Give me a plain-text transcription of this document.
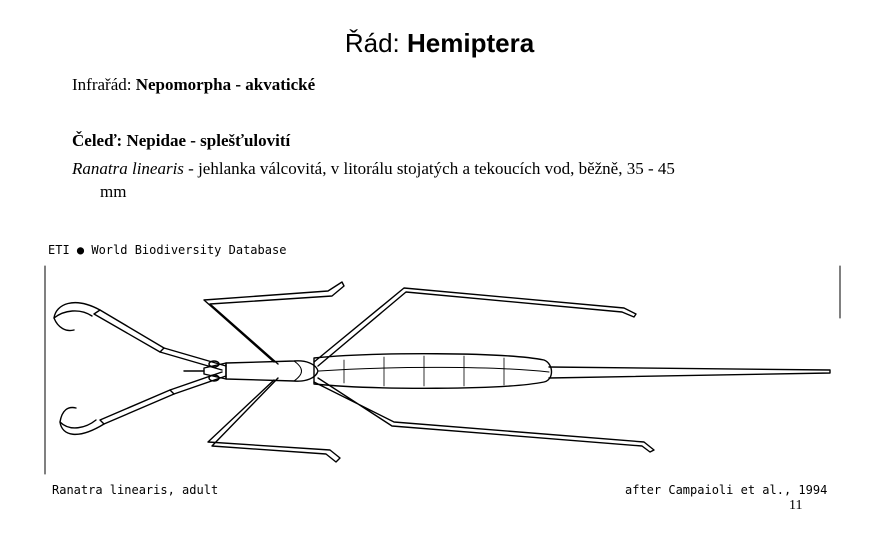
Řád: Hemiptera
Infrařád: Nepomorpha - akvatické
Čeleď: Nepidae - splešťulovití
Ranatra linearis - jehlanka válcovitá, v litorálu stojatých a tekoucích vod, běžně, 35 - 45
mm
ETI ● World Biodiversity Database
Ranatra linearis, adult	after Campaioli et al., 1994
11
